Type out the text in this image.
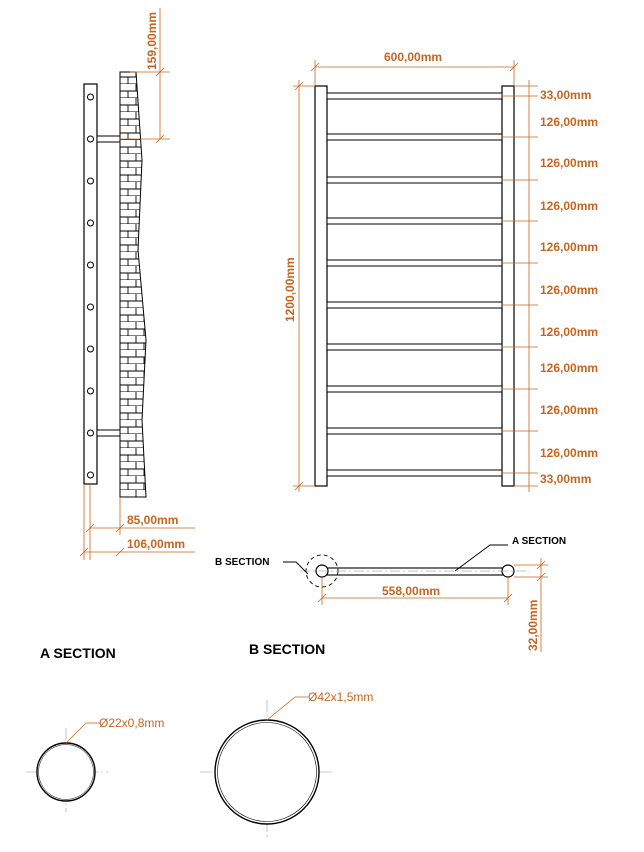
159,00mm
85,00mm
106,00mm
600,00mm
1200,00mm
33,00mm
126,00mm
126,00mm
126,00mm
126,00mm
126,00mm
126,00mm
126,00mm
126,00mm
126,00mm
33,00mm
B SECTION
A SECTION
558,00mm
32,00mm
A SECTION	B SECTION
Ø22x0,8mm
Ø42x1,5mm
